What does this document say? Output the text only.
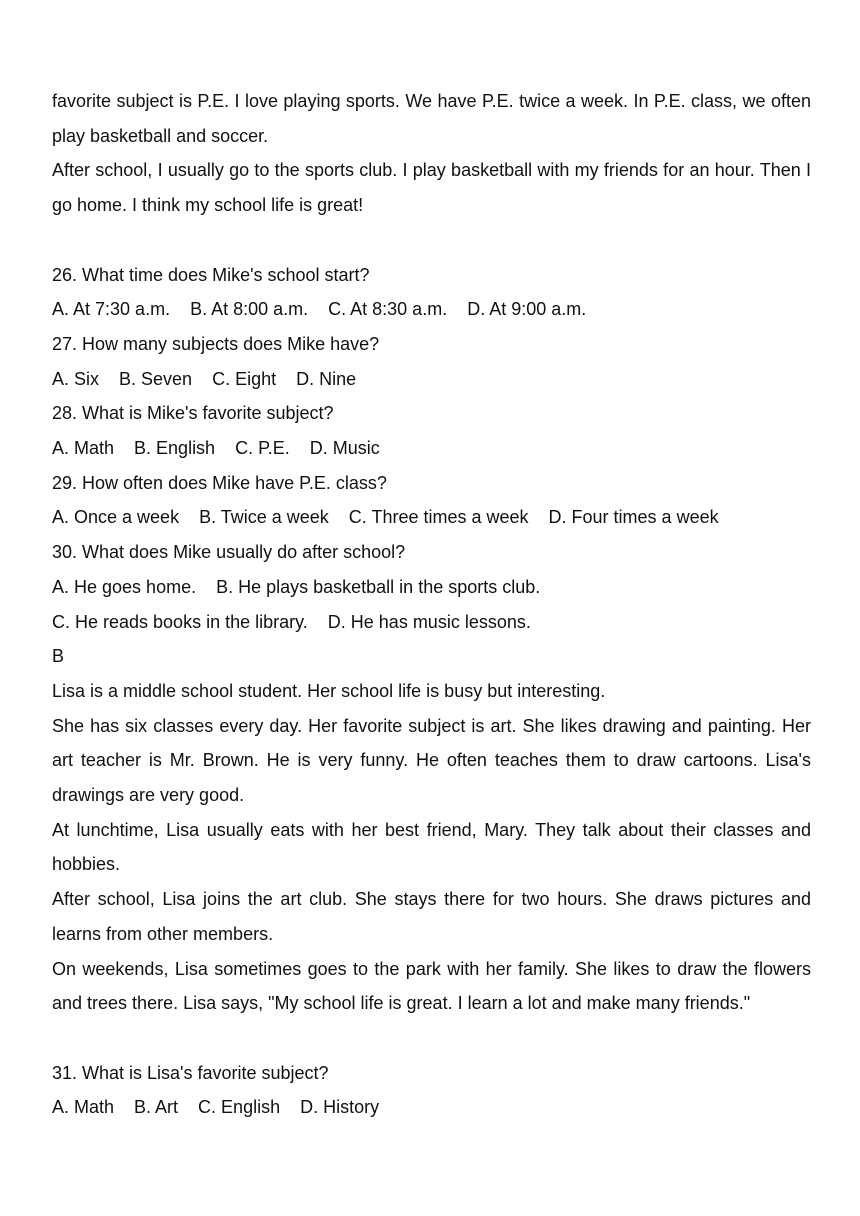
favorite subject is P.E. I love playing sports. We have P.E. twice a week. In P.E. class, we often play basketball and soccer.

After school, I usually go to the sports club. I play basketball with my friends for an hour. Then I go home. I think my school life is great!

26. What time does Mike's school start?

A. At 7:30 a.m.    B. At 8:00 a.m.    C. At 8:30 a.m.    D. At 9:00 a.m.

27. How many subjects does Mike have?

A. Six    B. Seven    C. Eight    D. Nine

28. What is Mike's favorite subject?

A. Math    B. English    C. P.E.    D. Music

29. How often does Mike have P.E. class?

A. Once a week    B. Twice a week    C. Three times a week    D. Four times a week

30. What does Mike usually do after school?

A. He goes home.    B. He plays basketball in the sports club.

C. He reads books in the library.    D. He has music lessons.

B

Lisa is a middle school student. Her school life is busy but interesting.

She has six classes every day. Her favorite subject is art. She likes drawing and painting. Her art teacher is Mr. Brown. He is very funny. He often teaches them to draw cartoons. Lisa's drawings are very good.

At lunchtime, Lisa usually eats with her best friend, Mary. They talk about their classes and hobbies.

After school, Lisa joins the art club. She stays there for two hours. She draws pictures and learns from other members.

On weekends, Lisa sometimes goes to the park with her family. She likes to draw the flowers and trees there. Lisa says, "My school life is great. I learn a lot and make many friends."

31. What is Lisa's favorite subject?

A. Math    B. Art    C. English    D. History
